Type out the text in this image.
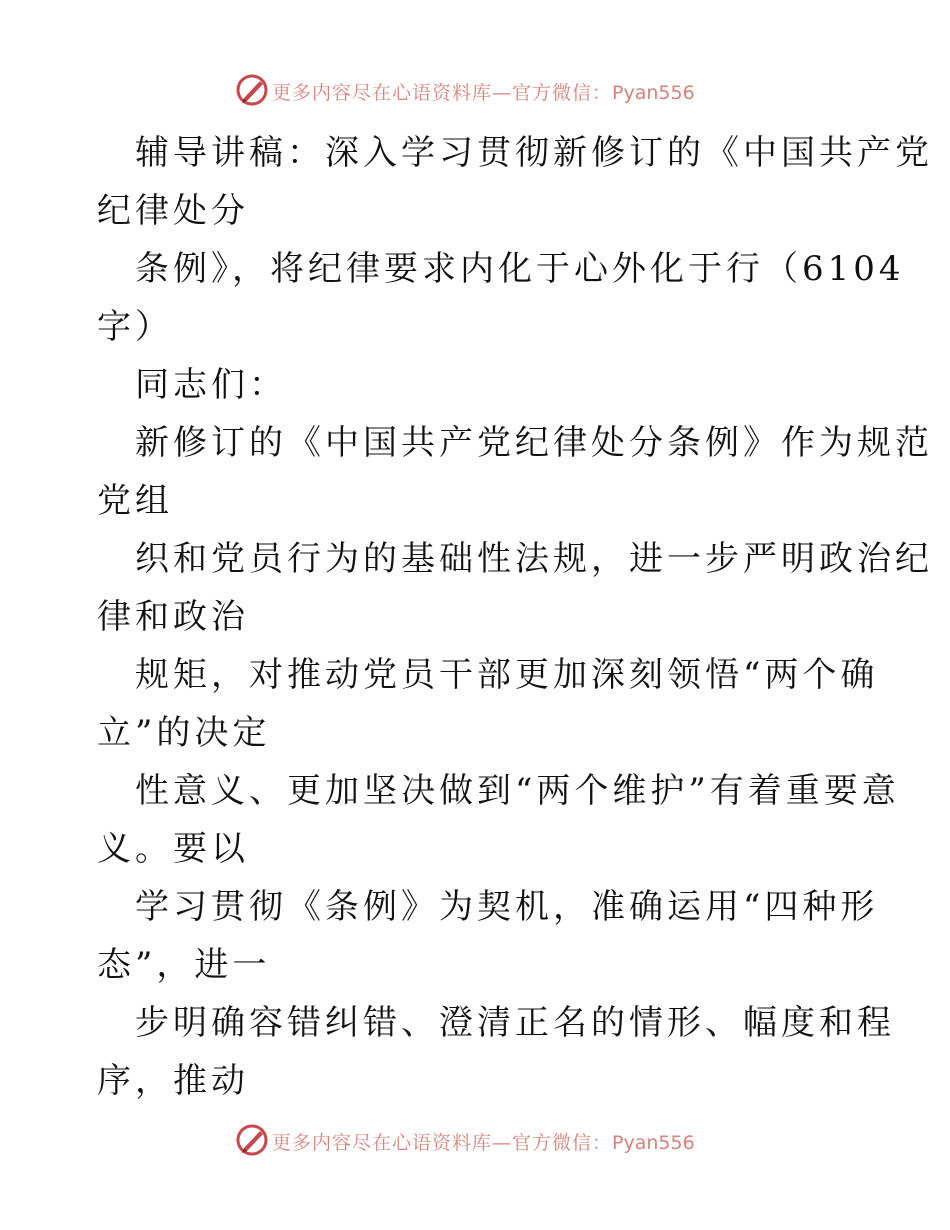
更多内容尽在心语资料库—官方微信：Pyan556
辅导讲稿：深入学习贯彻新修订的《中国共产党
纪律处分
条例》，将纪律要求内化于心外化于行（6104
字）
同志们：
新修订的《中国共产党纪律处分条例》作为规范
党组
织和党员行为的基础性法规，进一步严明政治纪
律和政治
规矩，对推动党员干部更加深刻领悟“两个确
立”的决定
性意义、更加坚决做到“两个维护”有着重要意
义。要以
学习贯彻《条例》为契机，准确运用“四种形
态”，进一
步明确容错纠错、澄清正名的情形、幅度和程
序，推动
更多内容尽在心语资料库—官方微信：Pyan556
